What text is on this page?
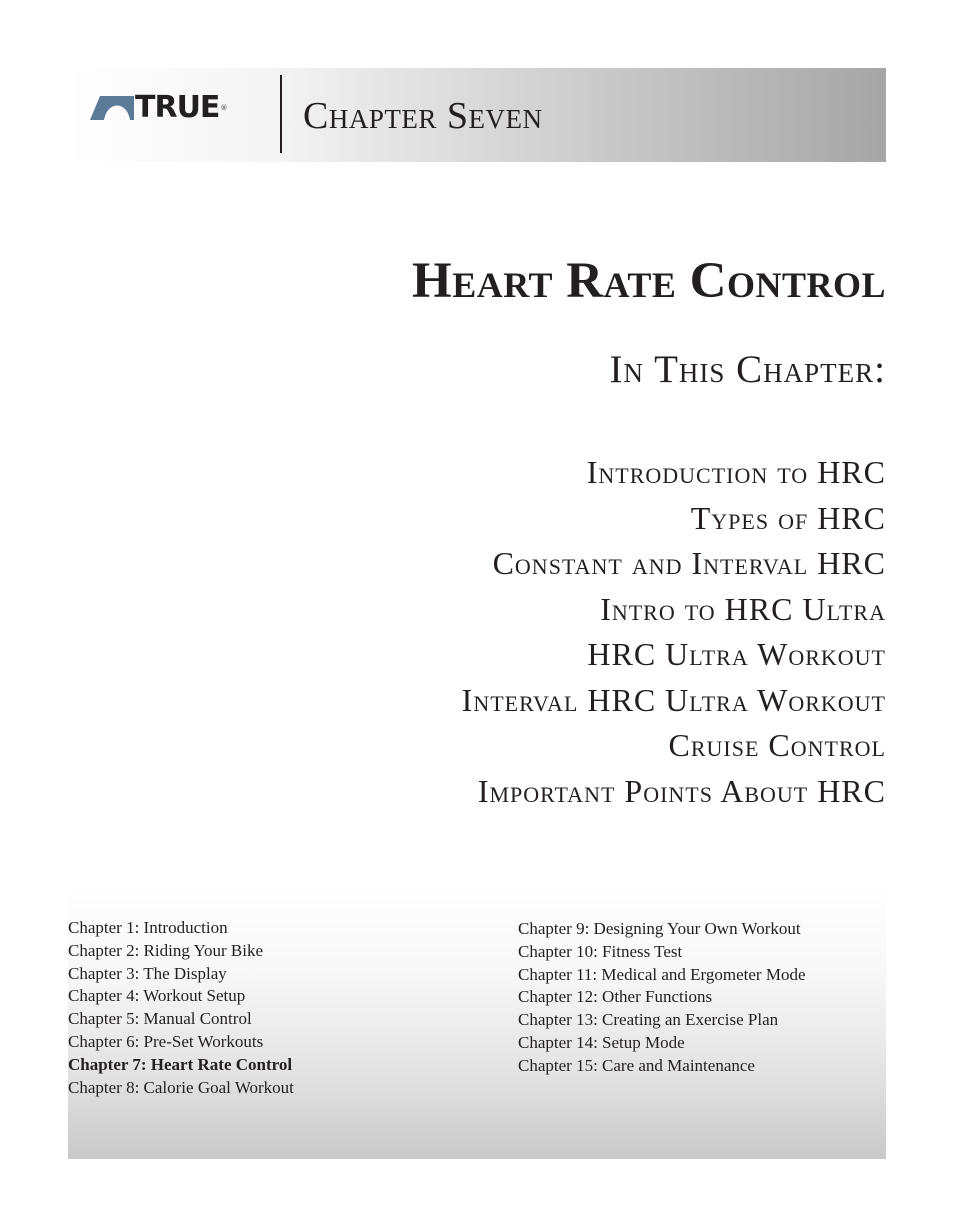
TRUE ® Chapter Seven
Heart Rate Control
In This Chapter:
Introduction to HRC
Types of HRC
Constant and Interval HRC
Intro to HRC Ultra
HRC Ultra Workout
Interval HRC Ultra Workout
Cruise Control
Important Points About HRC
Chapter 1: Introduction
Chapter 2: Riding Your Bike
Chapter 3: The Display
Chapter 4: Workout Setup
Chapter 5: Manual Control
Chapter 6: Pre-Set Workouts
Chapter 7: Heart Rate Control
Chapter 8: Calorie Goal Workout
Chapter 9: Designing Your Own Workout
Chapter 10: Fitness Test
Chapter 11: Medical and Ergometer Mode
Chapter 12: Other Functions
Chapter 13: Creating an Exercise Plan
Chapter 14: Setup Mode
Chapter 15: Care and Maintenance
